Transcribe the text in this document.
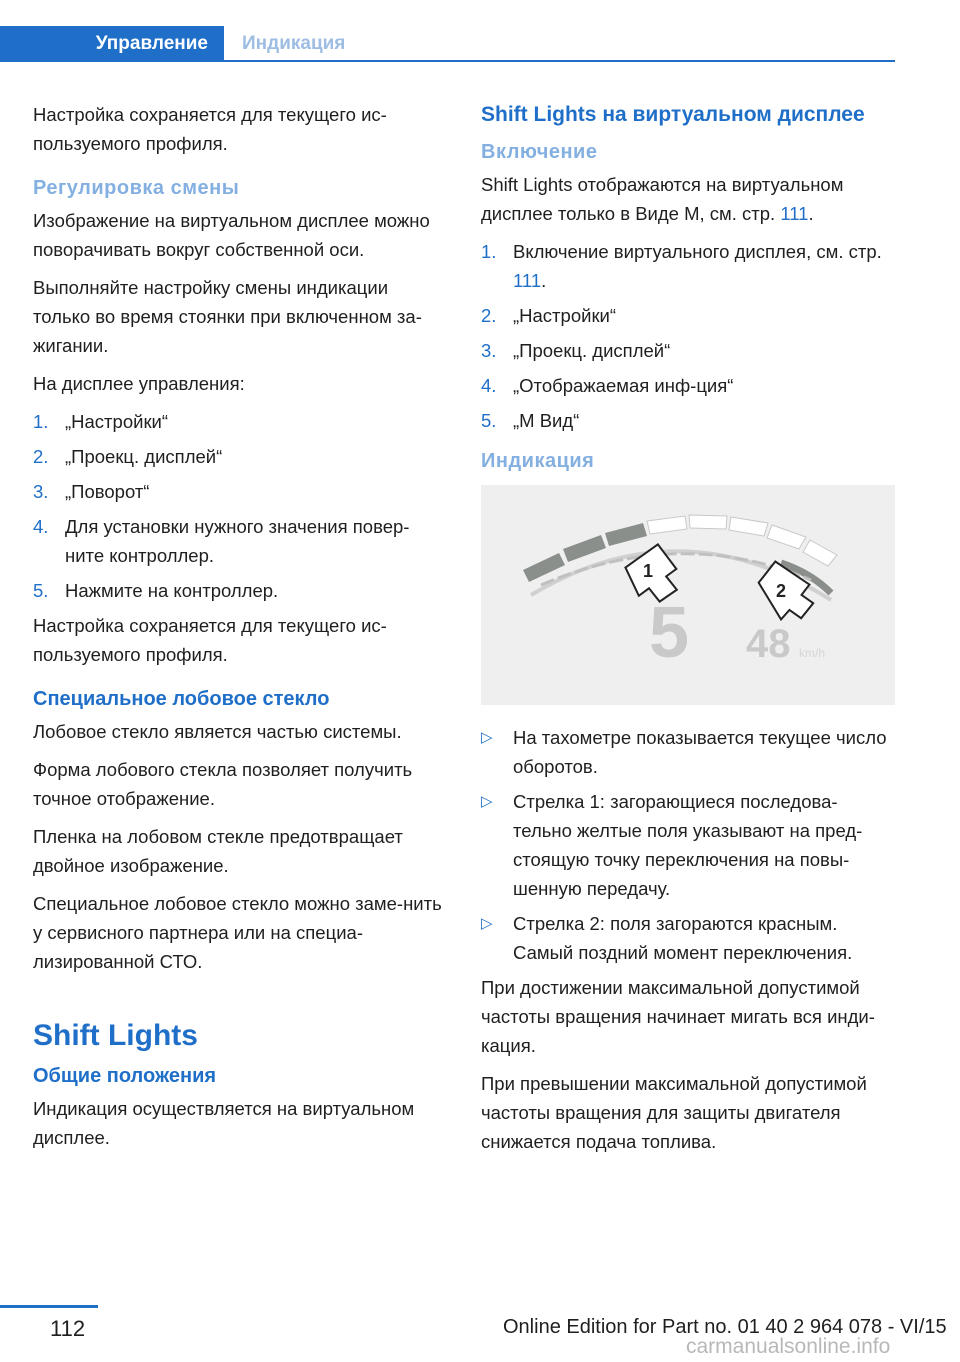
Управление	Индикация

Настройка сохраняется для текущего ис‐пользуемого профиля.

Регулировка смены

Изображение на виртуальном дисплее можно поворачивать вокруг собственной оси.

Выполняйте настройку смены индикации только во время стоянки при включенном за‐жигании.

На дисплее управления:

1. „Настройки“
2. „Проекц. дисплей“
3. „Поворот“
4. Для установки нужного значения повер‐ните контроллер.
5. Нажмите на контроллер.

Настройка сохраняется для текущего ис‐пользуемого профиля.

Специальное лобовое стекло

Лобовое стекло является частью системы.

Форма лобового стекла позволяет получить точное отображение.

Пленка на лобовом стекле предотвращает двойное изображение.

Специальное лобовое стекло можно заме‐нить у сервисного партнера или на специа‐лизированной СТО.

Shift Lights
Общие положения

Индикация осуществляется на виртуальном дисплее.

Shift Lights на виртуальном дисплее
Включение

Shift Lights отображаются на виртуальном дисплее только в Виде M, см. стр. 111.

1. Включение виртуального дисплея, см. стр. 111.
2. „Настройки“
3. „Проекц. дисплей“
4. „Отображаемая инф-ция“
5. „M Вид“
Индикация
5 48 km/h
1
2
▷ На тахометре показывается текущее число оборотов.
▷ Стрелка 1: загорающиеся последова‐тельно желтые поля указывают на пред‐стоящую точку переключения на повы‐шенную передачу.
▷ Стрелка 2: поля загораются красным. Самый поздний момент переключения.

При достижении максимальной допустимой частоты вращения начинает мигать вся инди‐кация.

При превышении максимальной допустимой частоты вращения для защиты двигателя снижается подача топлива.

112	Online Edition for Part no. 01 40 2 964 078 - VI/15
carmanualsonline.info
